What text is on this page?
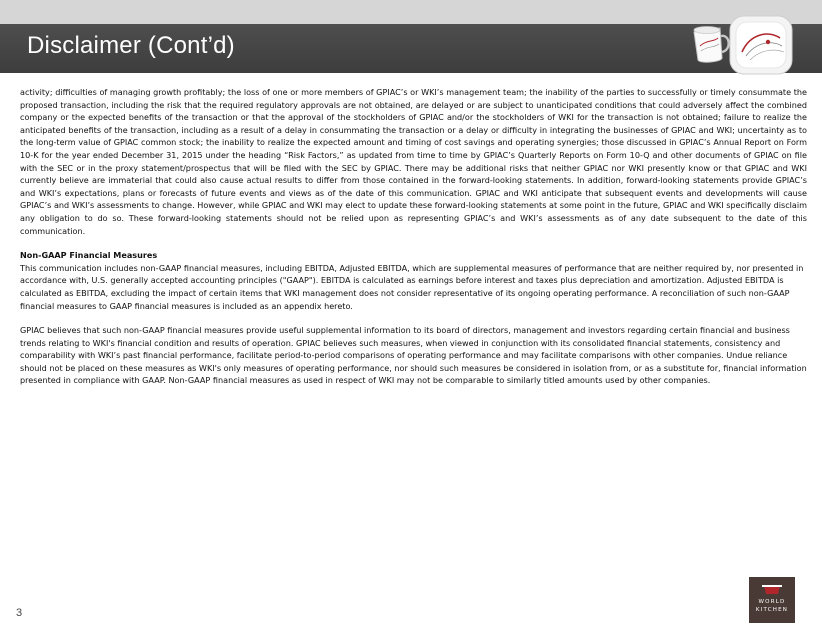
Disclaimer (Cont’d)

activity; difficulties of managing growth profitably; the loss of one or more members of GPIAC’s or WKI’s management team; the inability of the parties to successfully or timely consummate the proposed transaction, including the risk that the required regulatory approvals are not obtained, are delayed or are subject to unanticipated conditions that could adversely affect the combined company or the expected benefits of the transaction or that the approval of the stockholders of GPIAC and/or the stockholders of WKI for the transaction is not obtained; failure to realize the anticipated benefits of the transaction, including as a result of a delay in consummating the transaction or a delay or difficulty in integrating the businesses of GPIAC and WKI; uncertainty as to the long-term value of GPIAC common stock; the inability to realize the expected amount and timing of cost savings and operating synergies; those discussed in GPIAC’s Annual Report on Form 10-K for the year ended December 31, 2015 under the heading “Risk Factors,” as updated from time to time by GPIAC’s Quarterly Reports on Form 10-Q and other documents of GPIAC on file with the SEC or in the proxy statement/prospectus that will be filed with the SEC by GPIAC. There may be additional risks that neither GPIAC nor WKI presently know or that GPIAC and WKI currently believe are immaterial that could also cause actual results to differ from those contained in the forward-looking statements. In addition, forward-looking statements provide GPIAC’s and WKI’s expectations, plans or forecasts of future events and views as of the date of this communication. GPIAC and WKI anticipate that subsequent events and developments will cause GPIAC’s and WKI’s assessments to change. However, while GPIAC and WKI may elect to update these forward-looking statements at some point in the future, GPIAC and WKI specifically disclaim any obligation to do so. These forward-looking statements should not be relied upon as representing GPIAC’s and WKI’s assessments as of any date subsequent to the date of this communication.

Non-GAAP Financial Measures

This communication includes non-GAAP financial measures, including EBITDA, Adjusted EBITDA, which are supplemental measures of performance that are neither required by, nor presented in accordance with, U.S. generally accepted accounting principles ("GAAP"). EBITDA is calculated as earnings before interest and taxes plus depreciation and amortization. Adjusted EBITDA is calculated as EBITDA, excluding the impact of certain items that WKI management does not consider representative of its ongoing operating performance. A reconciliation of such non-GAAP financial measures to GAAP financial measures is included as an appendix hereto.

GPIAC believes that such non-GAAP financial measures provide useful supplemental information to its board of directors, management and investors regarding certain financial and business trends relating to WKI's financial condition and results of operation. GPIAC believes such measures, when viewed in conjunction with its consolidated financial statements, consistency and comparability with WKI’s past financial performance, facilitate period-to-period comparisons of operating performance and may facilitate comparisons with other companies. Undue reliance should not be placed on these measures as WKI's only measures of operating performance, nor should such measures be considered in isolation from, or as a substitute for, financial information presented in compliance with GAAP. Non-GAAP financial measures as used in respect of WKI may not be comparable to similarly titled amounts used by other companies.

3
WORLD
KITCHEN
